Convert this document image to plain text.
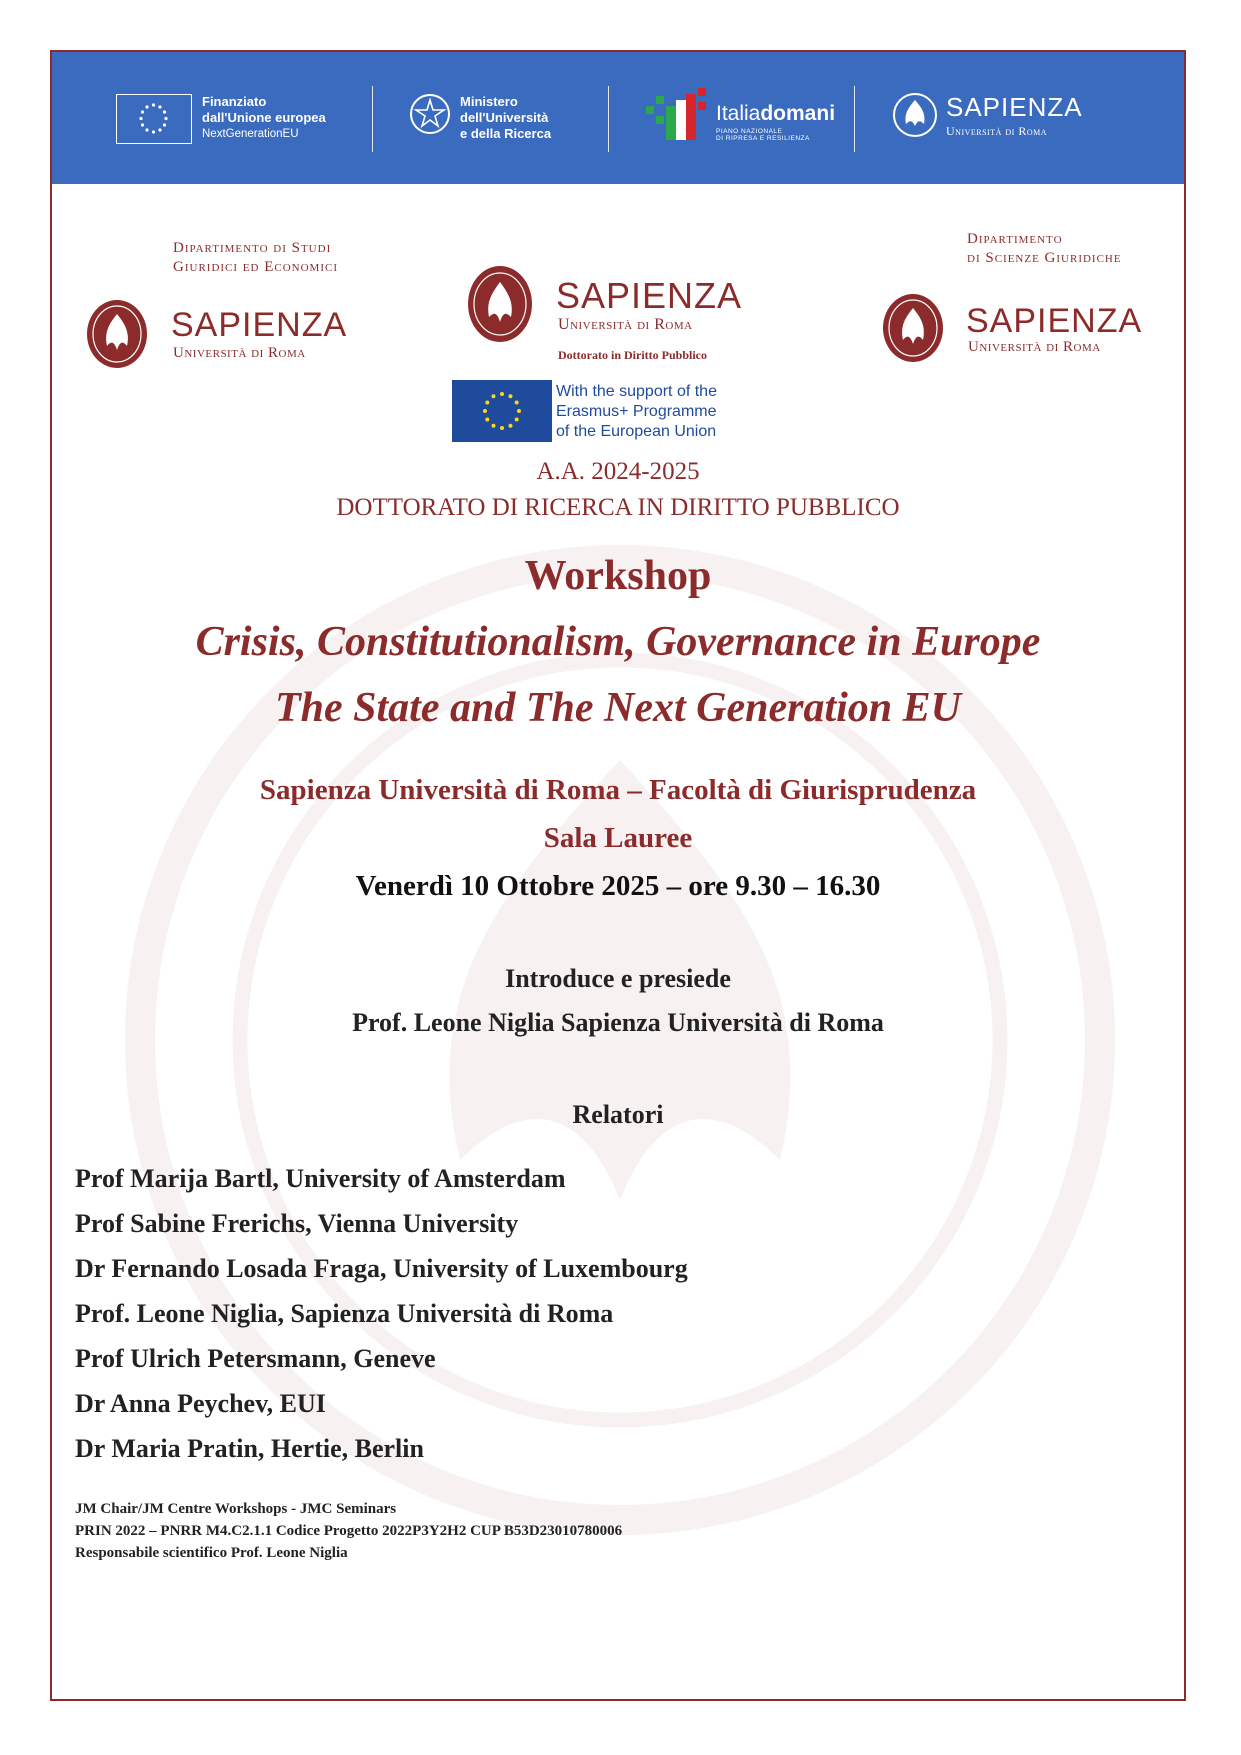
Finanziato
dall'Unione europea
NextGenerationEU
Ministero
dell'Università
e della Ricerca
Italiadomani
PIANO NAZIONALE
DI RIPRESA E RESILIENZA
SAPIENZA
Università di Roma
Dipartimento di Studi
Giuridici ed Economici
SAPIENZA
Università di Roma
SAPIENZA
Università di Roma
Dottorato in Diritto Pubblico
Dipartimento
di Scienze Giuridiche
SAPIENZA
Università di Roma
With the support of the
Erasmus+ Programme
of the European Union
A.A. 2024-2025
DOTTORATO DI RICERCA IN DIRITTO PUBBLICO
Workshop
Crisis, Constitutionalism, Governance in Europe
The State and The Next Generation EU
Sapienza Università di Roma – Facoltà di Giurisprudenza
Sala Lauree
Venerdì 10 Ottobre 2025 – ore 9.30 – 16.30
Introduce e presiede
Prof. Leone Niglia Sapienza Università di Roma
Relatori
Prof Marija Bartl, University of Amsterdam
Prof Sabine Frerichs, Vienna University
Dr Fernando Losada Fraga, University of Luxembourg
Prof. Leone Niglia, Sapienza Università di Roma
Prof Ulrich Petersmann, Geneve
Dr Anna Peychev, EUI
Dr Maria Pratin, Hertie, Berlin
JM Chair/JM Centre Workshops - JMC Seminars
PRIN 2022 – PNRR M4.C2.1.1 Codice Progetto 2022P3Y2H2 CUP B53D23010780006
Responsabile scientifico Prof. Leone Niglia
